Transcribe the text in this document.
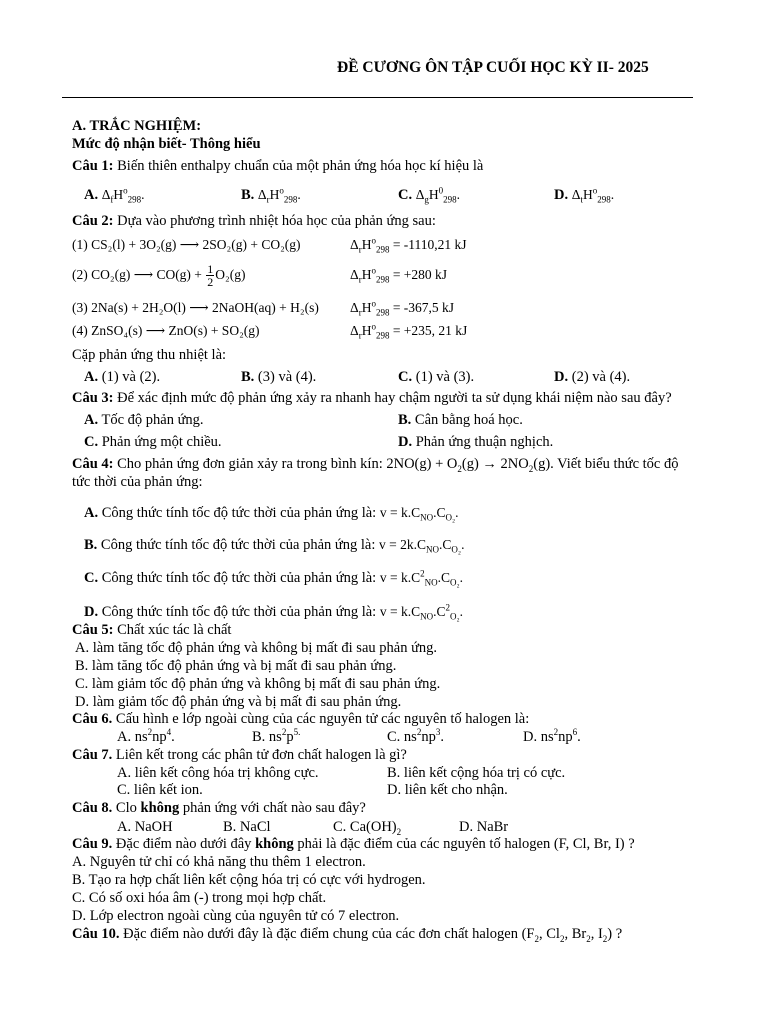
ĐỀ CƯƠNG ÔN TẬP CUỐI HỌC KỲ II- 2025
A. TRẮC NGHIỆM:
Mức độ nhận biết- Thông hiểu
Câu 1: Biến thiên enthalpy chuẩn của một phản ứng hóa học kí hiệu là
A. $\Delta_fH^o_{298}$.	B. $\Delta_rH^o_{298}$.	C. $\Delta_gH^0_{298}$.	D. $\Delta_tH^o_{298}$.
Câu 2: Dựa vào phương trình nhiệt hóa học của phản ứng sau:
(1) CS₂(l) + 3O₂(g) ⟶ 2SO₂(g) + CO₂(g)	$\Delta_rH^o_{298} = -1110,21$ kJ
(2) CO₂(g) ⟶ $CO(g) + \frac{1}{2} O_2(g)$	$\Delta_rH^o_{298} = +280$ kJ
(3) 2Na(s) + 2H₂O(l) ⟶ 2NaOH(aq) + H₂(s) $\Delta_rH^o_{298} = -367,5$ kJ
(4) ZnSO₄(s) ⟶ ZnO(s) + SO₂(g)	$\Delta_rH^o_{298} = +235$, 21 kJ
Cặp phản ứng thu nhiệt là:
A. (1) và (2).	B. (3) và (4).	C. (1) và (3).	D. (2) và (4).
Câu 3: Để xác định mức độ phản ứng xảy ra nhanh hay chậm người ta sử dụng khái niệm nào sau đây?
A. Tốc độ phản ứng.	B. Cân bằng hoá học.
C. Phản ứng một chiều.	D. Phản ứng thuận nghịch.
Câu 4: Cho phản ứng đơn giản xảy ra trong bình kín: $2NO(g) + O_2(g) \to 2NO_2(g)$. Viết biểu thức tốc độ
tức thời của phản ứng:
A. Công thức tính tốc độ tức thời của phản ứng là: $v = k.C_{NO}.C_{O_2}$.
B. Công thức tính tốc độ tức thời của phản ứng là: $v = 2k.C_{NO}.C_{O_2}$.
C. Công thức tính tốc độ tức thời của phản ứng là: $v = k.C^2_{NO}.C_{O_2}$.
D. Công thức tính tốc độ tức thời của phản ứng là: $v = k.C_{NO}.C^2_{O_2}$.
Câu 5: Chất xúc tác là chất
A. làm tăng tốc độ phản ứng và không bị mất đi sau phản ứng.
B. làm tăng tốc độ phản ứng và bị mất đi sau phản ứng.
C. làm giảm tốc độ phản ứng và không bị mất đi sau phản ứng.
D. làm giảm tốc độ phản ứng và bị mất đi sau phản ứng.
Câu 6. Cấu hình e lớp ngoài cùng của các nguyên tử các nguyên tố halogen là:
A. $ns^2np^4$.	B. $ns^2p^{5.}$	C. $ns^2np^3$.	D. $ns^2np^6$.
Câu 7. Liên kết trong các phân tử đơn chất halogen là gì?
A. liên kết công hóa trị không cực.	B. liên kết cộng hóa trị có cực.
C. liên kết ion.	D. liên kết cho nhận.
Câu 8. Clo không phản ứng với chất nào sau đây?
A. NaOH	B. NaCl	C. $Ca(OH)_2$	D. NaBr
Câu 9. Đặc điểm nào dưới đây không phải là đặc điểm của các nguyên tố halogen (F, Cl, Br, I) ?
A. Nguyên tử chỉ có khả năng thu thêm 1 electron.
B. Tạo ra hợp chất liên kết cộng hóa trị có cực với hydrogen.
C. Có số oxi hóa âm (-) trong mọi hợp chất.
D. Lớp electron ngoài cùng của nguyên tử có 7 electron.
Câu 10. Đặc điểm nào dưới đây là đặc điểm chung của các đơn chất halogen ($F_2$, $Cl_2$, $Br_2$, $I_2$) ?
